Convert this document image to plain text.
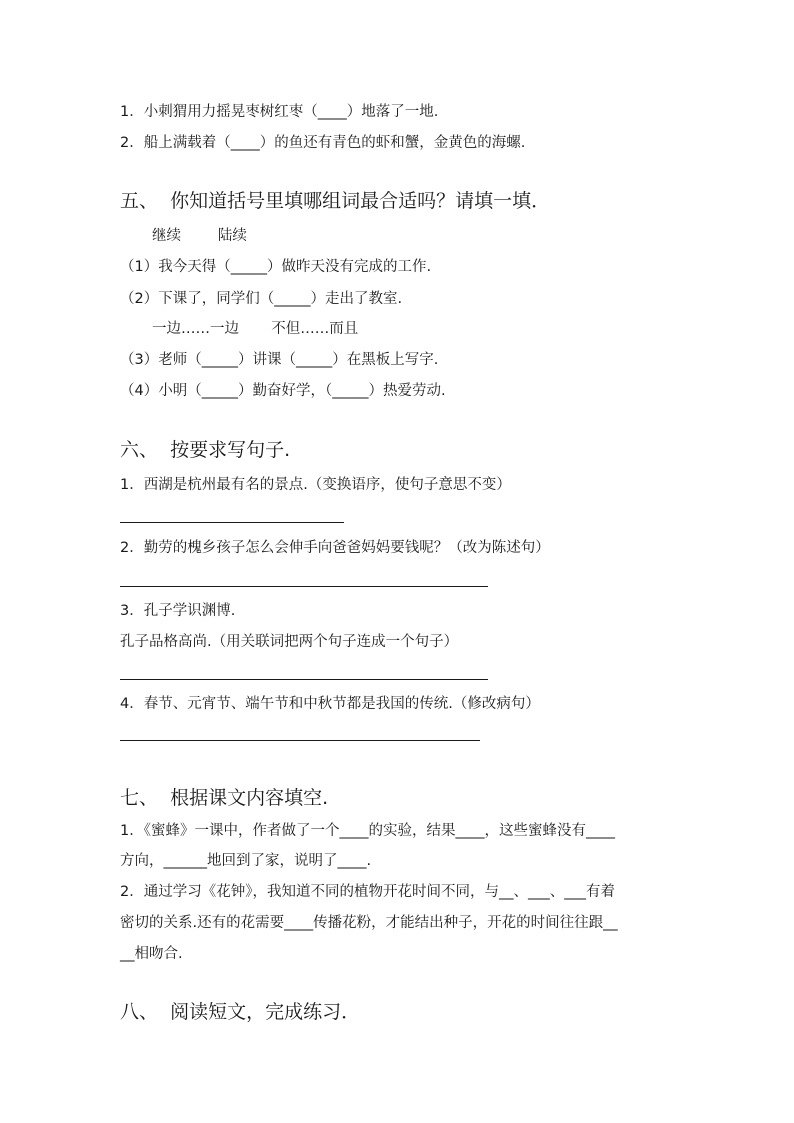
1．小刺猬用力摇晃枣树红枣（____）地落了一地.
2．船上满载着（____）的鱼还有青色的虾和蟹，金黄色的海螺.
五、  你知道括号里填哪组词最合适吗？请填一填．
继续        陆续
（1）我今天得（_____）做昨天没有完成的工作.
（2）下课了，同学们（_____）走出了教室.
一边……一边       不但……而且
（3）老师（_____）讲课（_____）在黑板上写字.
（4）小明（_____）勤奋好学，（_____）热爱劳动.
六、  按要求写句子.
1．西湖是杭州最有名的景点.（变换语序，使句子意思不变）
2．勤劳的槐乡孩子怎么会伸手向爸爸妈妈要钱呢？（改为陈述句）
3．孔子学识渊博.
孔子品格高尚.（用关联词把两个句子连成一个句子）
4．春节、元宵节、端午节和中秋节都是我国的传统.（修改病句）
七、  根据课文内容填空.
1．《蜜蜂》一课中，作者做了一个____的实验，结果____，这些蜜蜂没有____
方向，______地回到了家，说明了____.
2．通过学习《花钟》，我知道不同的植物开花时间不同，与__、___、___有着
密切的关系.还有的花需要____传播花粉，才能结出种子，开花的时间往往跟__
__相吻合.
八、  阅读短文，完成练习．
